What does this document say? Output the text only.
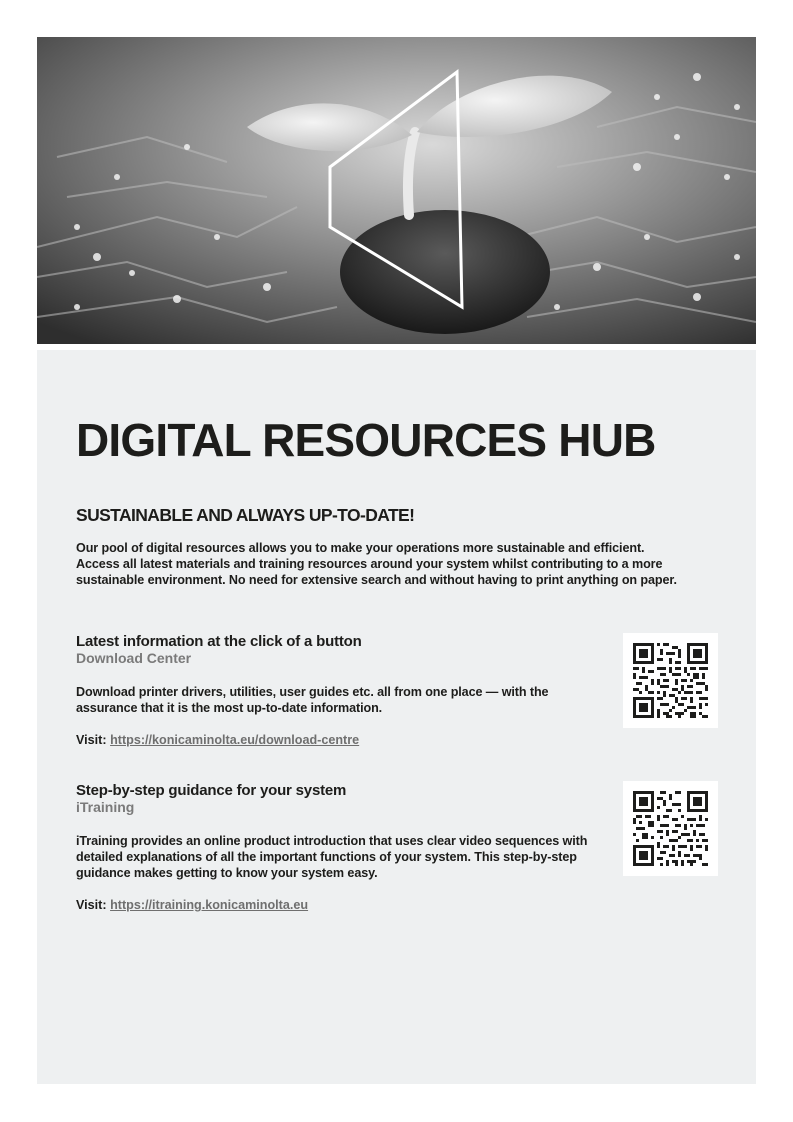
DIGITAL RESOURCES HUB
SUSTAINABLE AND ALWAYS UP-TO-DATE!

Our pool of digital resources allows you to make your operations more sustainable and efficient. Access all latest materials and training resources around your system whilst contributing to a more sustainable environment. No need for extensive search and without having to print anything on paper.

Latest information at the click of a button

Download Center

Download printer drivers, utilities, user guides etc. all from one place — with the assurance that it is the most up-to-date information.

Visit: https://konicaminolta.eu/download-centre

Step-by-step guidance for your system

iTraining

iTraining provides an online product introduction that uses clear video sequences with detailed explanations of all the important functions of your system. This step-by-step guidance makes getting to know your system easy.

Visit: https://itraining.konicaminolta.eu
